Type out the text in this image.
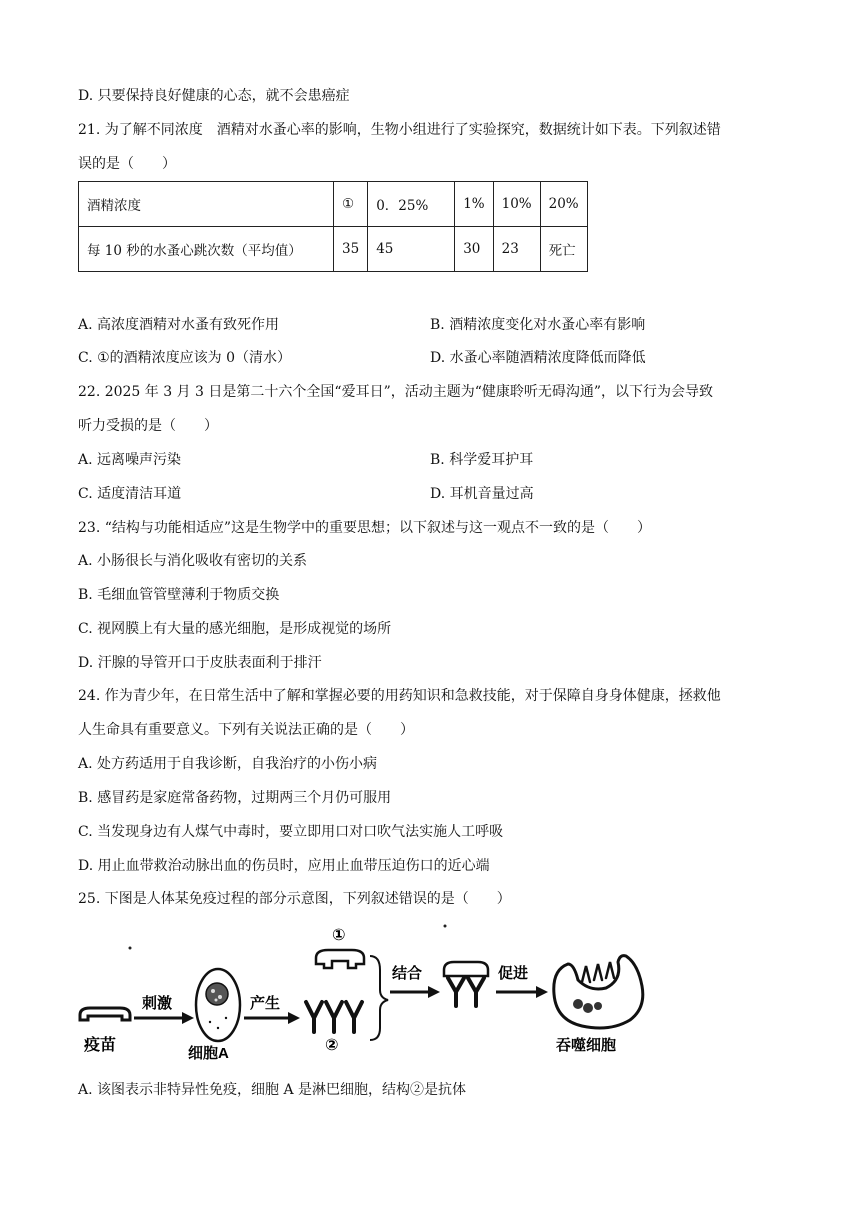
D. 只要保持良好健康的心态，就不会患癌症
21. 为了解不同浓度　酒精对水蚤心率的影响，生物小组进行了实验探究，数据统计如下表。下列叙述错
误的是（　　）
酒精浓度	①	0．25%	1%	10%	20%
每 10 秒的水蚤心跳次数（平均值）	35	45	30	23	死亡
A. 高浓度酒精对水蚤有致死作用	B. 酒精浓度变化对水蚤心率有影响
C. ①的酒精浓度应该为 0（清水）	D. 水蚤心率随酒精浓度降低而降低
22. 2025 年 3 月 3 日是第二十六个全国“爱耳日”，活动主题为“健康聆听无碍沟通”，以下行为会导致
听力受损的是（　　）
A. 远离噪声污染	B. 科学爱耳护耳
C. 适度清洁耳道	D. 耳机音量过高
23. “结构与功能相适应”这是生物学中的重要思想；以下叙述与这一观点不一致的是（　　）
A. 小肠很长与消化吸收有密切的关系
B. 毛细血管管壁薄利于物质交换
C. 视网膜上有大量的感光细胞，是形成视觉的场所
D. 汗腺的导管开口于皮肤表面利于排汗
24. 作为青少年，在日常生活中了解和掌握必要的用药知识和急救技能，对于保障自身身体健康，拯救他
人生命具有重要意义。下列有关说法正确的是（　　）
A. 处方药适用于自我诊断，自我治疗的小伤小病
B. 感冒药是家庭常备药物，过期两三个月仍可服用
C. 当发现身边有人煤气中毒时，要立即用口对口吹气法实施人工呼吸
D. 用止血带救治动脉出血的伤员时，应用止血带压迫伤口的近心端
25. 下图是人体某免疫过程的部分示意图，下列叙述错误的是（　　）
疫苗
刺激
细胞A
产生
②
①
结合	促进
吞噬细胞
A. 该图表示非特异性免疫，细胞 A 是淋巴细胞，结构②是抗体
